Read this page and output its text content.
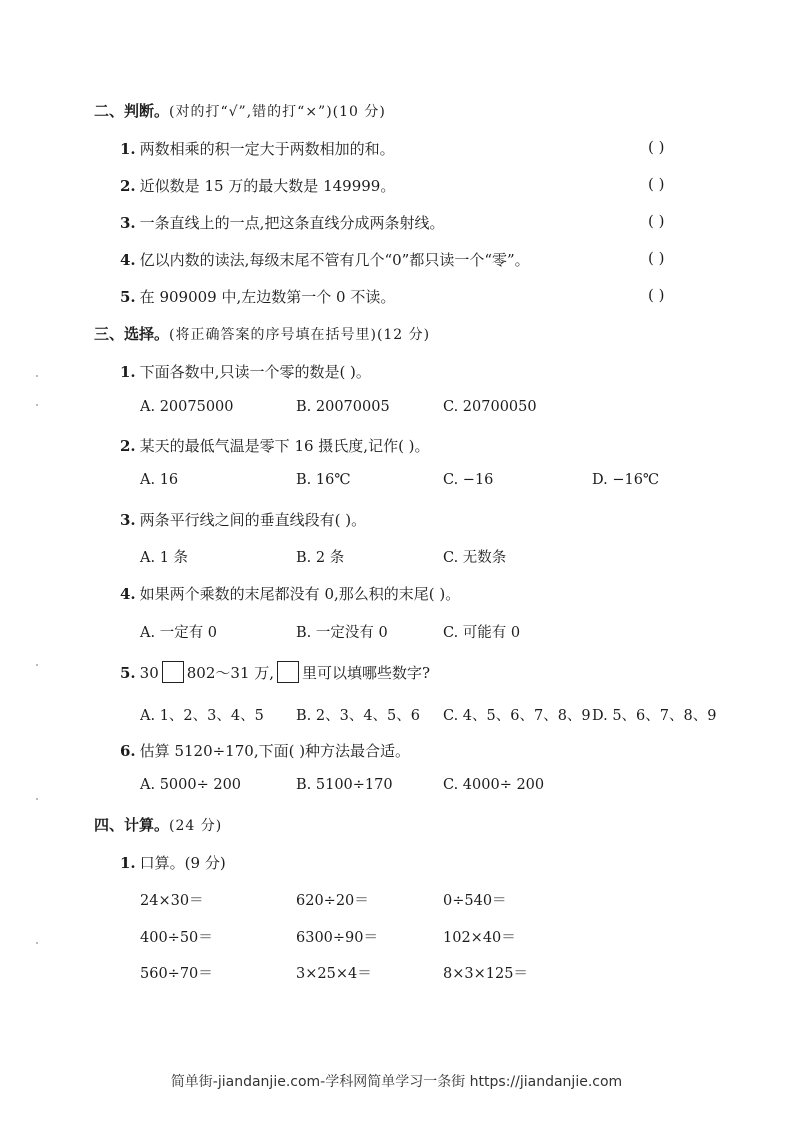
二、判断。(对的打“√”,错的打“×”)(10 分)
1. 两数相乘的积一定大于两数相加的和。	( )
2. 近似数是 15 万的最大数是 149999。	( )
3. 一条直线上的一点,把这条直线分成两条射线。	( )
4. 亿以内数的读法,每级末尾不管有几个“0”都只读一个“零”。	( )
5. 在 909009 中,左边数第一个 0 不读。	( )
三、选择。(将正确答案的序号填在括号里)(12 分)
1. 下面各数中,只读一个零的数是( )。
A. 20075000	B. 20070005	C. 20700050
2. 某天的最低气温是零下 16 摄氏度,记作( )。
A. 16	B. 16℃	C. −16	D. −16℃
3. 两条平行线之间的垂直线段有( )。
A. 1 条	B. 2 条	C. 无数条
4. 如果两个乘数的末尾都没有 0,那么积的末尾( )。
A. 一定有 0	B. 一定没有 0	C. 可能有 0
5. 30 802～31 万, 里可以填哪些数字?
A. 1、2、3、4、5 B. 2、3、4、5、6 C. 4、5、6、7、8、9 D. 5、6、7、8、9
6. 估算 5120÷170,下面( )种方法最合适。
A. 5000÷ 200	B. 5100÷170	C. 4000÷ 200
四、计算。(24 分)
1. 口算。(9 分)
24×30＝	620÷20＝	0÷540＝
400÷50＝	6300÷90＝	102×40＝
560÷70＝	3×25×4＝	8×3×125＝
简单街-jiandanjie.com-学科网简单学习一条街 https://jiandanjie.com
